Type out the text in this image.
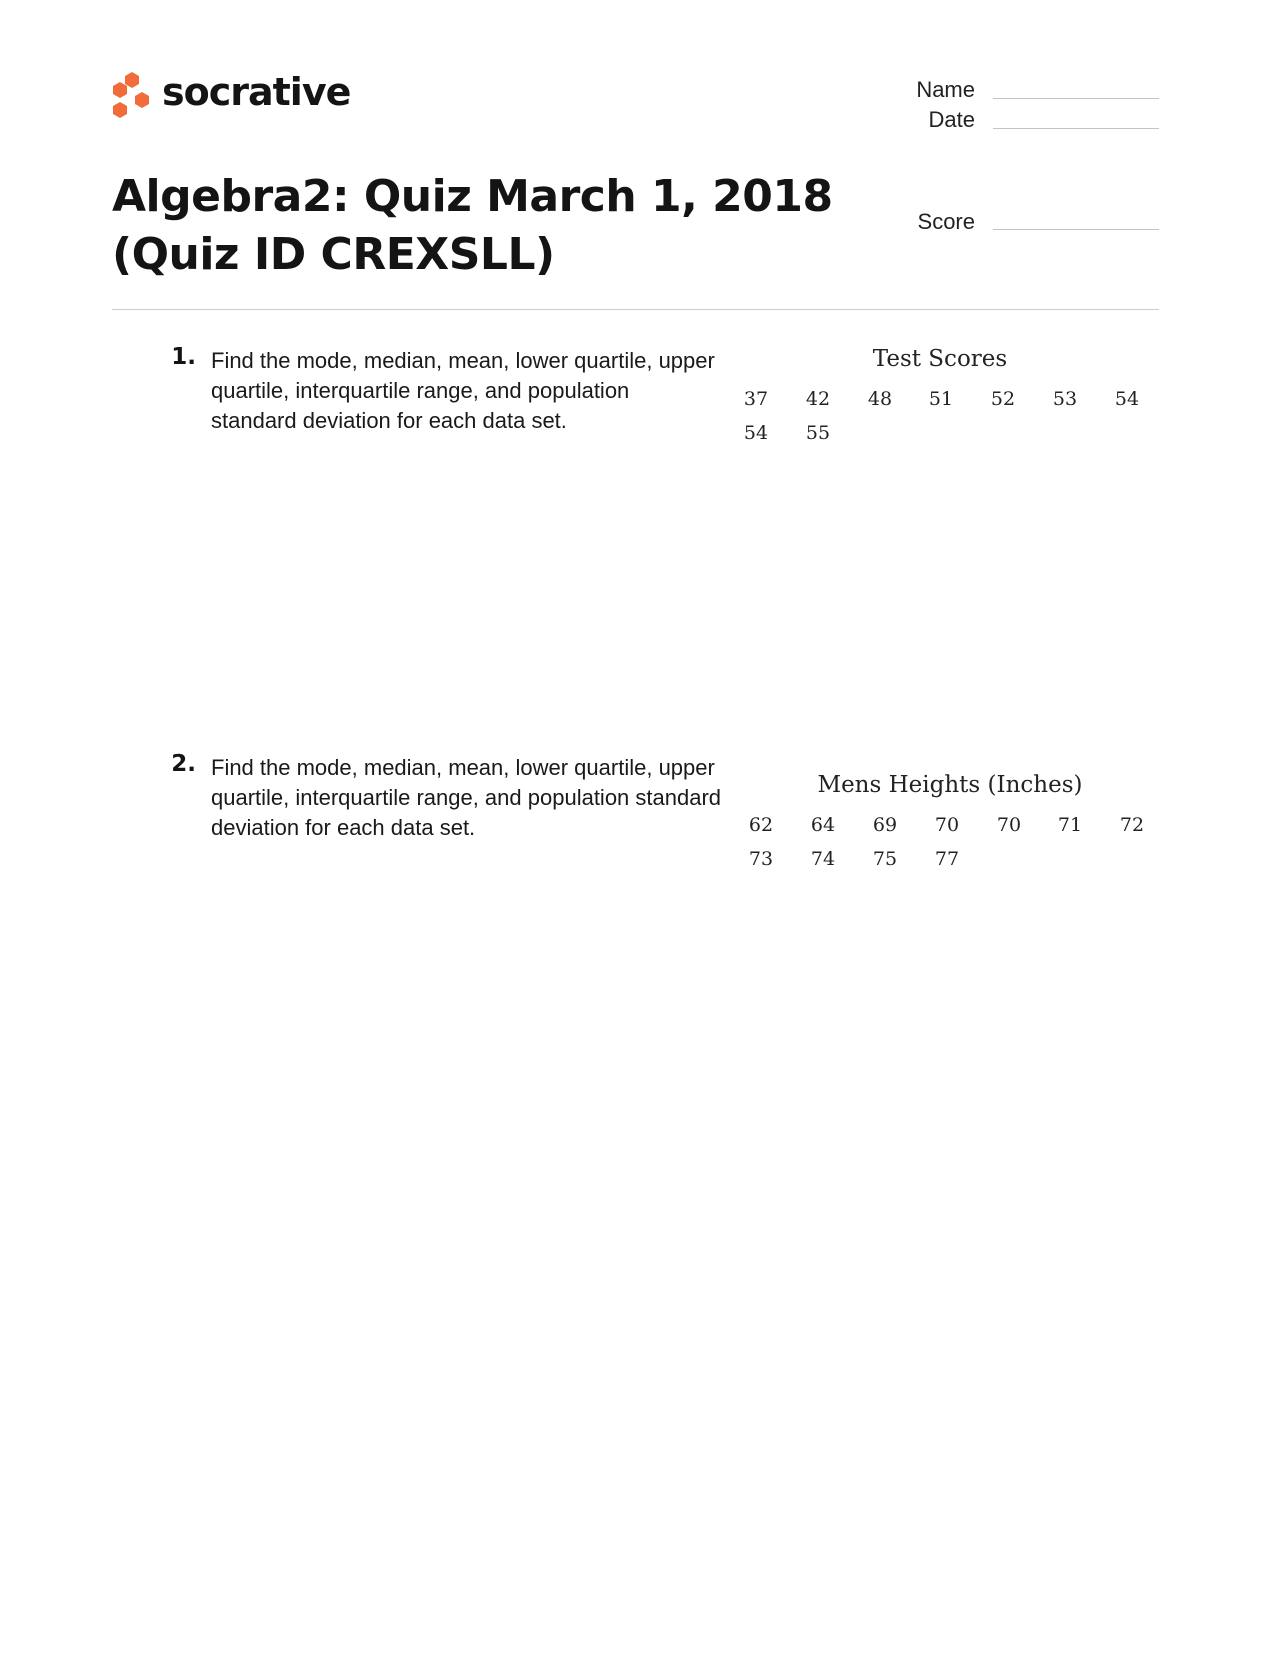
socrative	Name
Date
Score
Algebra2: Quiz March 1, 2018
(Quiz ID CREXSLL)
1. Find the mode, median, mean, lower quartile, upper
quartile, interquartile range, and population
standard deviation for each data set.
Test Scores
37	42	48	51	52	53	54
54	55
2. Find the mode, median, mean, lower quartile, upper
quartile, interquartile range, and population standard
deviation for each data set.
Mens Heights (Inches)
62	64	69	70	70	71	72
73	74	75	77
